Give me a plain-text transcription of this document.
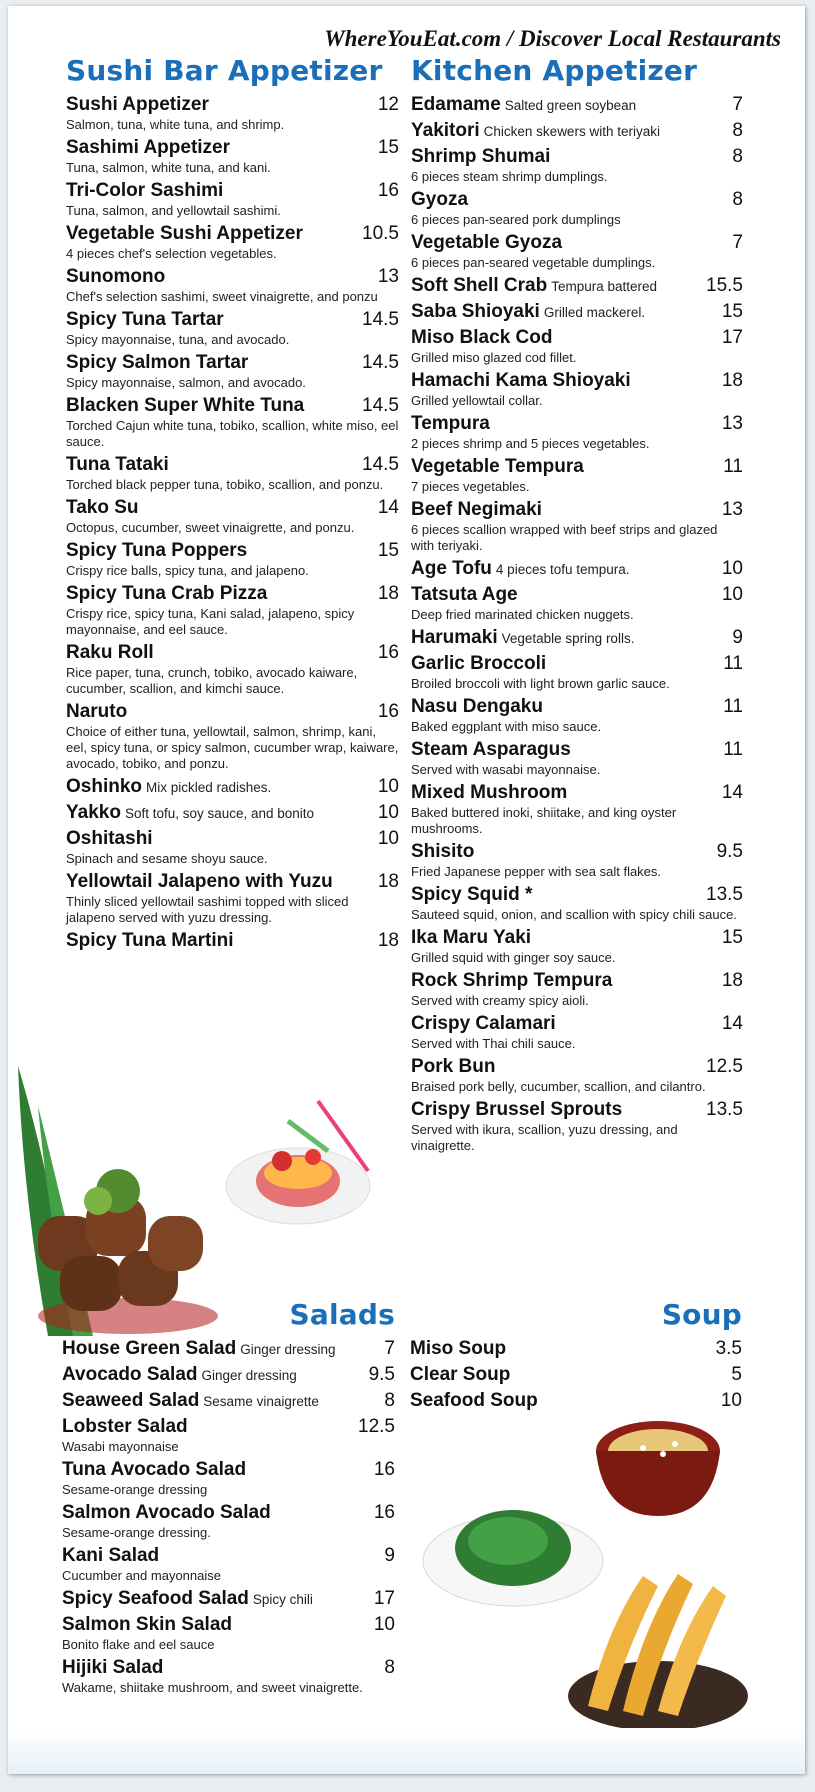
WhereYouEat.com / Discover Local Restaurants
Sushi Bar Appetizer
Sushi Appetizer	12
Salmon, tuna, white tuna, and shrimp.
Sashimi Appetizer	15
Tuna, salmon, white tuna, and kani.
Tri-Color Sashimi	16
Tuna, salmon, and yellowtail sashimi.
Vegetable Sushi Appetizer	10.5
4 pieces chef's selection vegetables.
Sunomono	13
Chef's selection sashimi, sweet vinaigrette, and ponzu
Spicy Tuna Tartar	14.5
Spicy mayonnaise, tuna, and avocado.
Spicy Salmon Tartar	14.5
Spicy mayonnaise, salmon, and avocado.
Blacken Super White Tuna	14.5
Torched Cajun white tuna, tobiko, scallion, white miso, eel sauce.
Tuna Tataki	14.5
Torched black pepper tuna, tobiko, scallion, and ponzu.
Tako Su	14
Octopus, cucumber, sweet vinaigrette, and ponzu.
Spicy Tuna Poppers	15
Crispy rice balls, spicy tuna, and jalapeno.
Spicy Tuna Crab Pizza	18
Crispy rice, spicy tuna, Kani salad, jalapeno, spicy mayonnaise, and eel sauce.
Raku Roll	16
Rice paper, tuna, crunch, tobiko, avocado kaiware, cucumber, scallion, and kimchi sauce.
Naruto	16
Choice of either tuna, yellowtail, salmon, shrimp, kani, eel, spicy tuna, or spicy salmon, cucumber wrap, kaiware, avocado, tobiko, and ponzu.
Oshinko Mix pickled radishes.	10
Yakko Soft tofu, soy sauce, and bonito	10
Oshitashi	10
Spinach and sesame shoyu sauce.
Yellowtail Jalapeno with Yuzu 18
Thinly sliced yellowtail sashimi topped with sliced jalapeno served with yuzu dressing.
Spicy Tuna Martini	18
Kitchen Appetizer
Edamame Salted green soybean	7
Yakitori Chicken skewers with teriyaki	8
Shrimp Shumai	8
6 pieces steam shrimp dumplings.
Gyoza	8
6 pieces pan-seared pork dumplings
Vegetable Gyoza	7
6 pieces pan-seared vegetable dumplings.
Soft Shell Crab Tempura battered	15.5
Saba Shioyaki Grilled mackerel.	15
Miso Black Cod	17
Grilled miso glazed cod fillet.
Hamachi Kama Shioyaki	18
Grilled yellowtail collar.
Tempura	13
2 pieces shrimp and 5 pieces vegetables.
Vegetable Tempura	11
7 pieces vegetables.
Beef Negimaki	13
6 pieces scallion wrapped with beef strips and glazed with teriyaki.
Age Tofu 4 pieces tofu tempura.	10
Tatsuta Age	10
Deep fried marinated chicken nuggets.
Harumaki Vegetable spring rolls.	9
Garlic Broccoli	11
Broiled broccoli with light brown garlic sauce.
Nasu Dengaku	11
Baked eggplant with miso sauce.
Steam Asparagus	11
Served with wasabi mayonnaise.
Mixed Mushroom	14
Baked buttered inoki, shiitake, and king oyster mushrooms.
Shisito	9.5
Fried Japanese pepper with sea salt flakes.
Spicy Squid *	13.5
Sauteed squid, onion, and scallion with spicy chili sauce.
Ika Maru Yaki	15
Grilled squid with ginger soy sauce.
Rock Shrimp Tempura	18
Served with creamy spicy aioli.
Crispy Calamari	14
Served with Thai chili sauce.
Pork Bun	12.5
Braised pork belly, cucumber, scallion, and cilantro.
Crispy Brussel Sprouts	13.5
Served with ikura, scallion, yuzu dressing, and vinaigrette.
Salads
House Green Salad Ginger dressing	7
Avocado Salad Ginger dressing	9.5
Seaweed Salad Sesame vinaigrette	8
Lobster Salad	12.5
Wasabi mayonnaise
Tuna Avocado Salad	16
Sesame-orange dressing
Salmon Avocado Salad	16
Sesame-orange dressing.
Kani Salad	9
Cucumber and mayonnaise
Spicy Seafood Salad Spicy chili	17
Salmon Skin Salad	10
Bonito flake and eel sauce
Hijiki Salad	8
Wakame, shiitake mushroom, and sweet vinaigrette.
Soup
Miso Soup	3.5
Clear Soup	5
Seafood Soup	10
